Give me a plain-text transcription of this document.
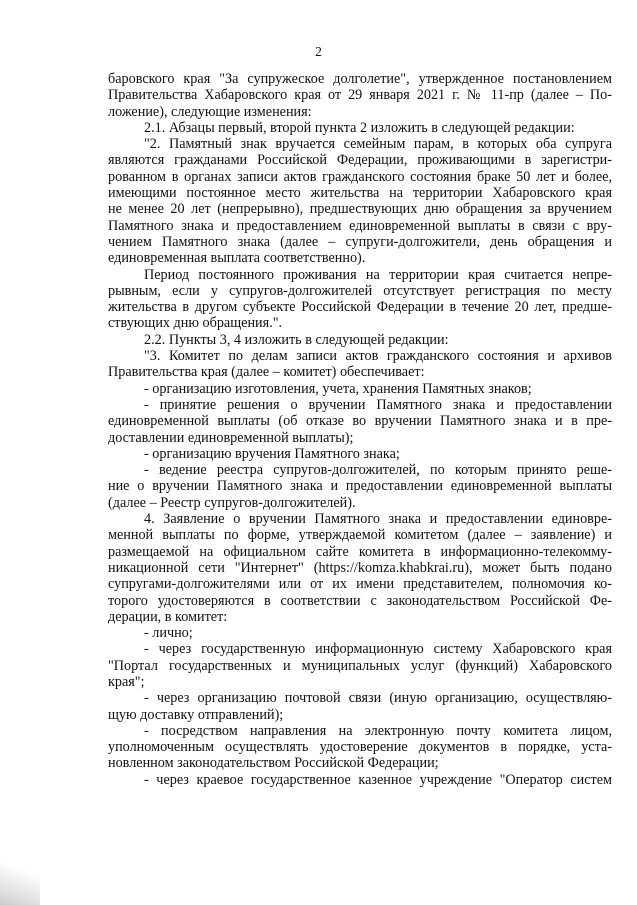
2
баровского края "За супружеское долголетие", утвержденное постановлением
Правительства Хабаровского края от 29 января 2021 г. № 11-пр (далее – По-
ложение), следующие изменения:
2.1. Абзацы первый, второй пункта 2 изложить в следующей редакции:
"2. Памятный знак вручается семейным парам, в которых оба супруга
являются гражданами Российской Федерации, проживающими в зарегистри-
рованном в органах записи актов гражданского состояния браке 50 лет и более,
имеющими постоянное место жительства на территории Хабаровского края
не менее 20 лет (непрерывно), предшествующих дню обращения за вручением
Памятного знака и предоставлением единовременной выплаты в связи с вру-
чением Памятного знака (далее – супруги-долгожители, день обращения и
единовременная выплата соответственно).
Период постоянного проживания на территории края считается непре-
рывным, если у супругов-долгожителей отсутствует регистрация по месту
жительства в другом субъекте Российской Федерации в течение 20 лет, предше-
ствующих дню обращения.".
2.2. Пункты 3, 4 изложить в следующей редакции:
"3. Комитет по делам записи актов гражданского состояния и архивов
Правительства края (далее – комитет) обеспечивает:
- организацию изготовления, учета, хранения Памятных знаков;
- принятие решения о вручении Памятного знака и предоставлении
единовременной выплаты (об отказе во вручении Памятного знака и в пре-
доставлении единовременной выплаты);
- организацию вручения Памятного знака;
- ведение реестра супругов-долгожителей, по которым принято реше-
ние о вручении Памятного знака и предоставлении единовременной выплаты
(далее – Реестр супругов-долгожителей).
4. Заявление о вручении Памятного знака и предоставлении единовре-
менной выплаты по форме, утверждаемой комитетом (далее – заявление) и
размещаемой на официальном сайте комитета в информационно-телекомму-
никационной сети "Интернет" (https://komza.khabkrai.ru), может быть подано
супругами-долгожителями или от их имени представителем, полномочия ко-
торого удостоверяются в соответствии с законодательством Российской Фе-
дерации, в комитет:
- лично;
- через государственную информационную систему Хабаровского края
"Портал государственных и муниципальных услуг (функций) Хабаровского
края";
- через организацию почтовой связи (иную организацию, осуществляю-
щую доставку отправлений);
- посредством направления на электронную почту комитета лицом,
уполномоченным осуществлять удостоверение документов в порядке, уста-
новленном законодательством Российской Федерации;
- через краевое государственное казенное учреждение "Оператор систем
